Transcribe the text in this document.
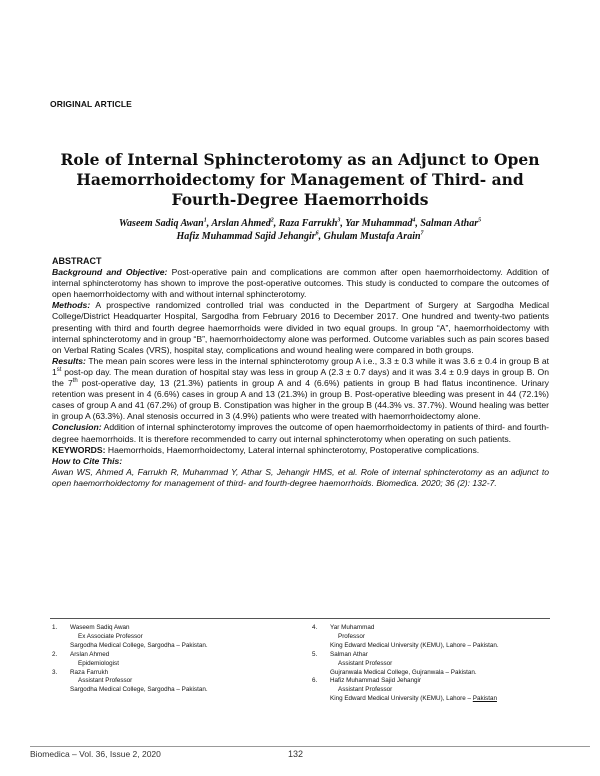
ORIGINAL ARTICLE
Role of Internal Sphincterotomy as an Adjunct to Open Haemorrhoidectomy for Management of Third- and Fourth-Degree Haemorrhoids
Waseem Sadiq Awan$^1$, Arslan Ahmed$^2$, Raza Farrukh$^3$, Yar Muhammad$^4$, Salman Athar$^5$
Hafiz Muhammad Sajid Jehangir$^6$, Ghulam Mustafa Arain$^7$

ABSTRACT

Background and Objective: Post-operative pain and complications are common after open haemorrhoidectomy. Addition of internal sphincterotomy has shown to improve the post-operative outcomes. This study is conducted to compare the outcomes of open haemorrhoidectomy with and without internal sphincterotomy.

Methods: A prospective randomized controlled trial was conducted in the Department of Surgery at Sargodha Medical College/District Headquarter Hospital, Sargodha from February 2016 to December 2017. One hundred and twenty-two patients presenting with third and fourth degree haemorrhoids were divided in two equal groups. In group “A”, haemorrhoidectomy with internal sphincterotomy and in group “B”, haemorrhoidectomy alone was performed. Outcome variables such as pain scores based on Verbal Rating Scales (VRS), hospital stay, complications and wound healing were compared in both groups.

Results: The mean pain scores were less in the internal sphincterotomy group A i.e., 3.3 ± 0.3 while it was 3.6 ± 0.4 in group B at 1st post-op day. The mean duration of hospital stay was less in group A (2.3 ± 0.7 days) and it was 3.4 ± 0.9 days in group B. On the 7th post-operative day, 13 (21.3%) patients in group A and 4 (6.6%) patients in group B had flatus incontinence. Urinary retention was present in 4 (6.6%) cases in group A and 13 (21.3%) in group B. Post-operative bleeding was present in 44 (72.1%) cases of group A and 41 (67.2%) of group B. Constipation was higher in the group B (44.3% vs. 37.7%). Wound healing was better in group A (63.3%). Anal stenosis occurred in 3 (4.9%) patients who were treated with haemorrhoidectomy alone.

Conclusion: Addition of internal sphincterotomy improves the outcome of open haemorrhoidectomy in patients of third- and fourth-degree haemorrhoids. It is therefore recommended to carry out internal sphincterotomy when operating on such patients.

KEYWORDS: Haemorrhoids, Haemorrhoidectomy, Lateral internal sphincterotomy, Postoperative complications.

How to Cite This:

Awan WS, Ahmed A, Farrukh R, Muhammad Y, Athar S, Jehangir HMS, et al. Role of internal sphincterotomy as an adjunct to open haemorrhoidectomy for management of third- and fourth-degree haemorrhoids. Biomedica. 2020; 36 (2): 132-7.

1.	Waseem Sadiq Awan
Ex Associate Professor
Sargodha Medical College, Sargodha – Pakistan.
2.	Arslan Ahmed
Epidemiologist
3.	Raza Farrukh
Assistant Professor
Sargodha Medical College, Sargodha – Pakistan.
4.	Yar Muhammad
Professor
King Edward Medical University (KEMU), Lahore – Pakistan.
5.	Salman Athar
Assistant Professor
Gujranwala Medical College, Gujranwala – Pakistan.
6.	Hafiz Muhammad Sajid Jehangir
Assistant Professor
King Edward Medical University (KEMU), Lahore – Pakistan
Biomedica – Vol. 36, Issue 2, 2020	132
